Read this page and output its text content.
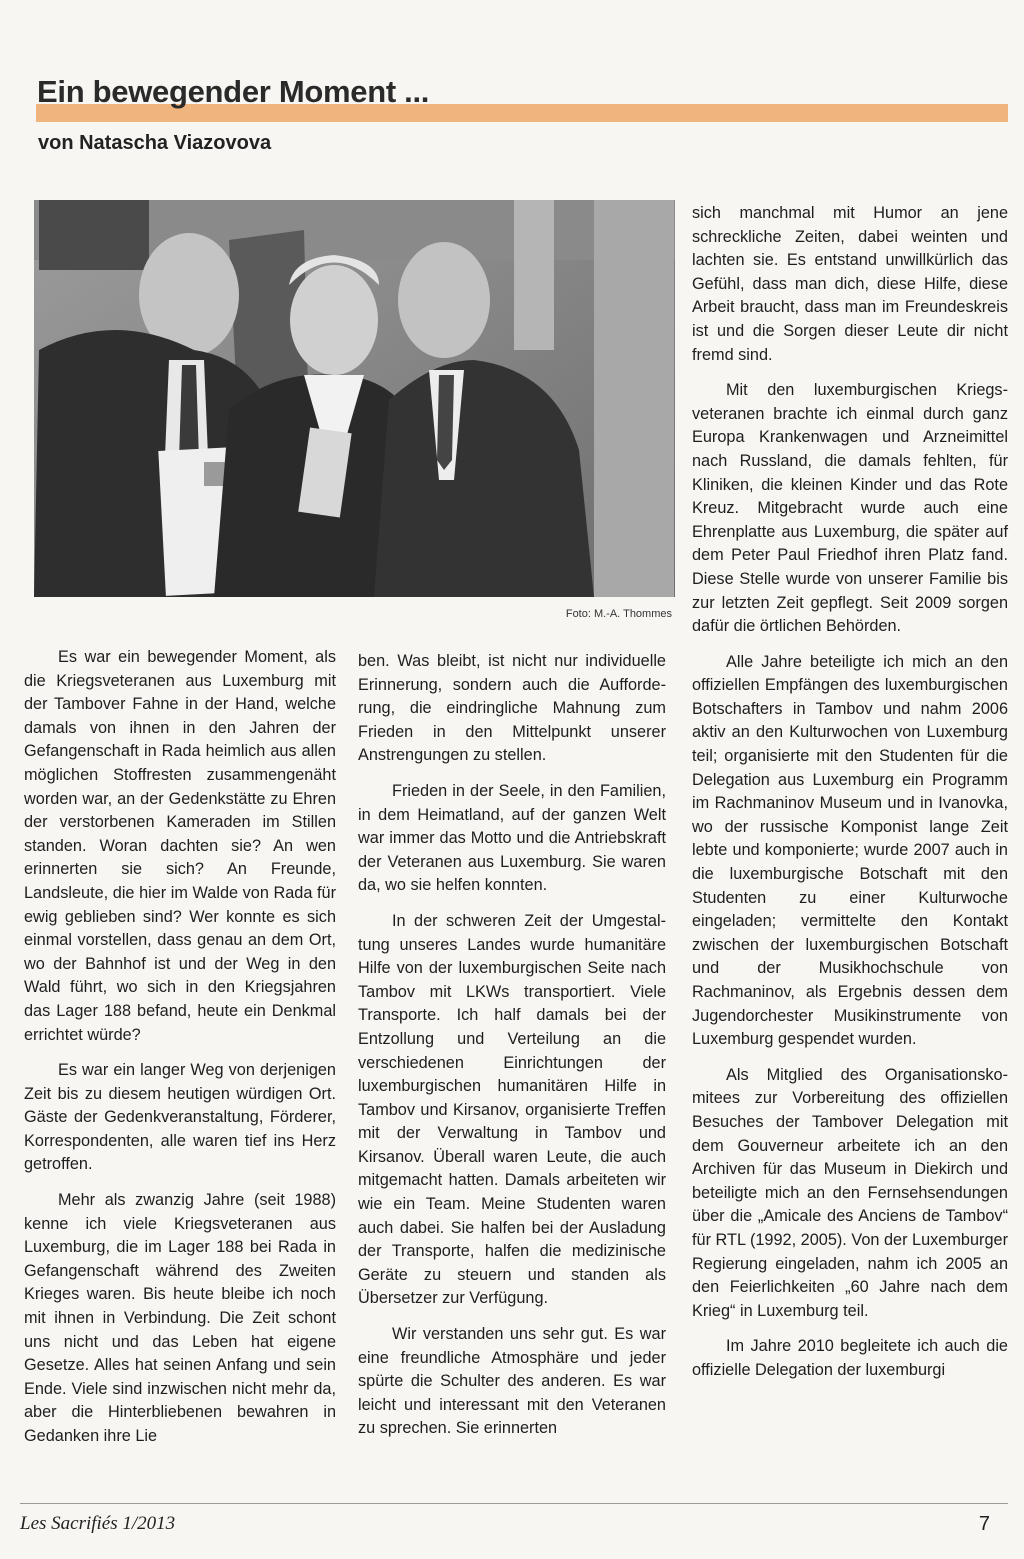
Ein bewegender Moment ...
von Natascha Viazovova
Foto: M.-A. Thommes

Es war ein bewegender Moment, als die Kriegsveteranen aus Luxemburg mit der Tambover Fahne in der Hand, welche damals von ihnen in den Jahren der Gefangenschaft in Rada heimlich aus allen möglichen Stoffresten zusammengenäht worden war, an der Gedenkstätte zu Ehren der verstorbenen Kameraden im Stillen standen. Woran dachten sie? An wen erinnerten sie sich? An Freunde, Landsleute, die hier im Walde von Rada für ewig geblieben sind? Wer konnte es sich einmal vorstellen, dass genau an dem Ort, wo der Bahnhof ist und der Weg in den Wald führt, wo sich in den Kriegsjahren das Lager 188 befand, heute ein Denkmal errichtet würde?

Es war ein langer Weg von derjenigen Zeit bis zu diesem heutigen würdigen Ort. Gäste der Gedenkveranstaltung, Förderer, Korrespondenten, alle waren tief ins Herz getroffen.

Mehr als zwanzig Jahre (seit 1988) kenne ich viele Kriegsveteranen aus Luxemburg, die im Lager 188 bei Rada in Gefangenschaft während des Zweiten Krieges waren. Bis heute bleibe ich noch mit ihnen in Verbindung. Die Zeit schont uns nicht und das Leben hat eigene Gesetze. Alles hat seinen Anfang und sein Ende. Viele sind inzwischen nicht mehr da, aber die Hinterbliebenen bewahren in Gedanken ihre Lie

ben. Was bleibt, ist nicht nur individuelle Erinnerung, sondern auch die Aufforderung, die eindringliche Mahnung zum Frieden in den Mittelpunkt unserer Anstrengungen zu stellen.

Frieden in der Seele, in den Familien, in dem Heimatland, auf der ganzen Welt war immer das Motto und die Antriebskraft der Veteranen aus Luxemburg. Sie waren da, wo sie helfen konnten.

In der schweren Zeit der Umgestaltung unseres Landes wurde humanitäre Hilfe von der luxemburgischen Seite nach Tambov mit LKWs transportiert. Viele Transporte. Ich half damals bei der Entzollung und Verteilung an die verschiedenen Einrichtungen der luxemburgischen humanitären Hilfe in Tambov und Kirsanov, organisierte Treffen mit der Verwaltung in Tambov und Kirsanov. Überall waren Leute, die auch mitgemacht hatten. Damals arbeiteten wir wie ein Team. Meine Studenten waren auch dabei. Sie halfen bei der Ausladung der Transporte, halfen die medizinische Geräte zu steuern und standen als Übersetzer zur Verfügung.

Wir verstanden uns sehr gut. Es war eine freundliche Atmosphäre und jeder spürte die Schulter des anderen. Es war leicht und interessant mit den Veteranen zu sprechen. Sie erinnerten

sich manchmal mit Humor an jene schreckliche Zeiten, dabei weinten und lachten sie. Es entstand unwillkürlich das Gefühl, dass man dich, diese Hilfe, diese Arbeit braucht, dass man im Freundeskreis ist und die Sorgen dieser Leute dir nicht fremd sind.

Mit den luxemburgischen Kriegsveteranen brachte ich einmal durch ganz Europa Krankenwagen und Arzneimittel nach Russland, die damals fehlten, für Kliniken, die kleinen Kinder und das Rote Kreuz. Mitgebracht wurde auch eine Ehrenplatte aus Luxemburg, die später auf dem Peter Paul Friedhof ihren Platz fand. Diese Stelle wurde von unserer Familie bis zur letzten Zeit gepflegt. Seit 2009 sorgen dafür die örtlichen Behörden.

Alle Jahre beteiligte ich mich an den offiziellen Empfängen des luxemburgischen Botschafters in Tambov und nahm 2006 aktiv an den Kulturwochen von Luxemburg teil; organisierte mit den Studenten für die Delegation aus Luxemburg ein Programm im Rachmaninov Museum und in Ivanovka, wo der russische Komponist lange Zeit lebte und komponierte; wurde 2007 auch in die luxemburgische Botschaft mit den Studenten zu einer Kulturwoche eingeladen; vermittelte den Kontakt zwischen der luxemburgischen Botschaft und der Musikhochschule von Rachmaninov, als Ergebnis dessen dem Jugendorchester Musikinstrumente von Luxemburg gespendet wurden.

Als Mitglied des Organisationskomitees zur Vorbereitung des offiziellen Besuches der Tambover Delegation mit dem Gouverneur arbeitete ich an den Archiven für das Museum in Diekirch und beteiligte mich an den Fernsehsendungen über die „Amicale des Anciens de Tambov“ für RTL (1992, 2005). Von der Luxemburger Regierung eingeladen, nahm ich 2005 an den Feierlichkeiten „60 Jahre nach dem Krieg“ in Luxemburg teil.

Im Jahre 2010 begleitete ich auch die offizielle Delegation der luxemburgi

Les Sacrifiés 1/2013	7
